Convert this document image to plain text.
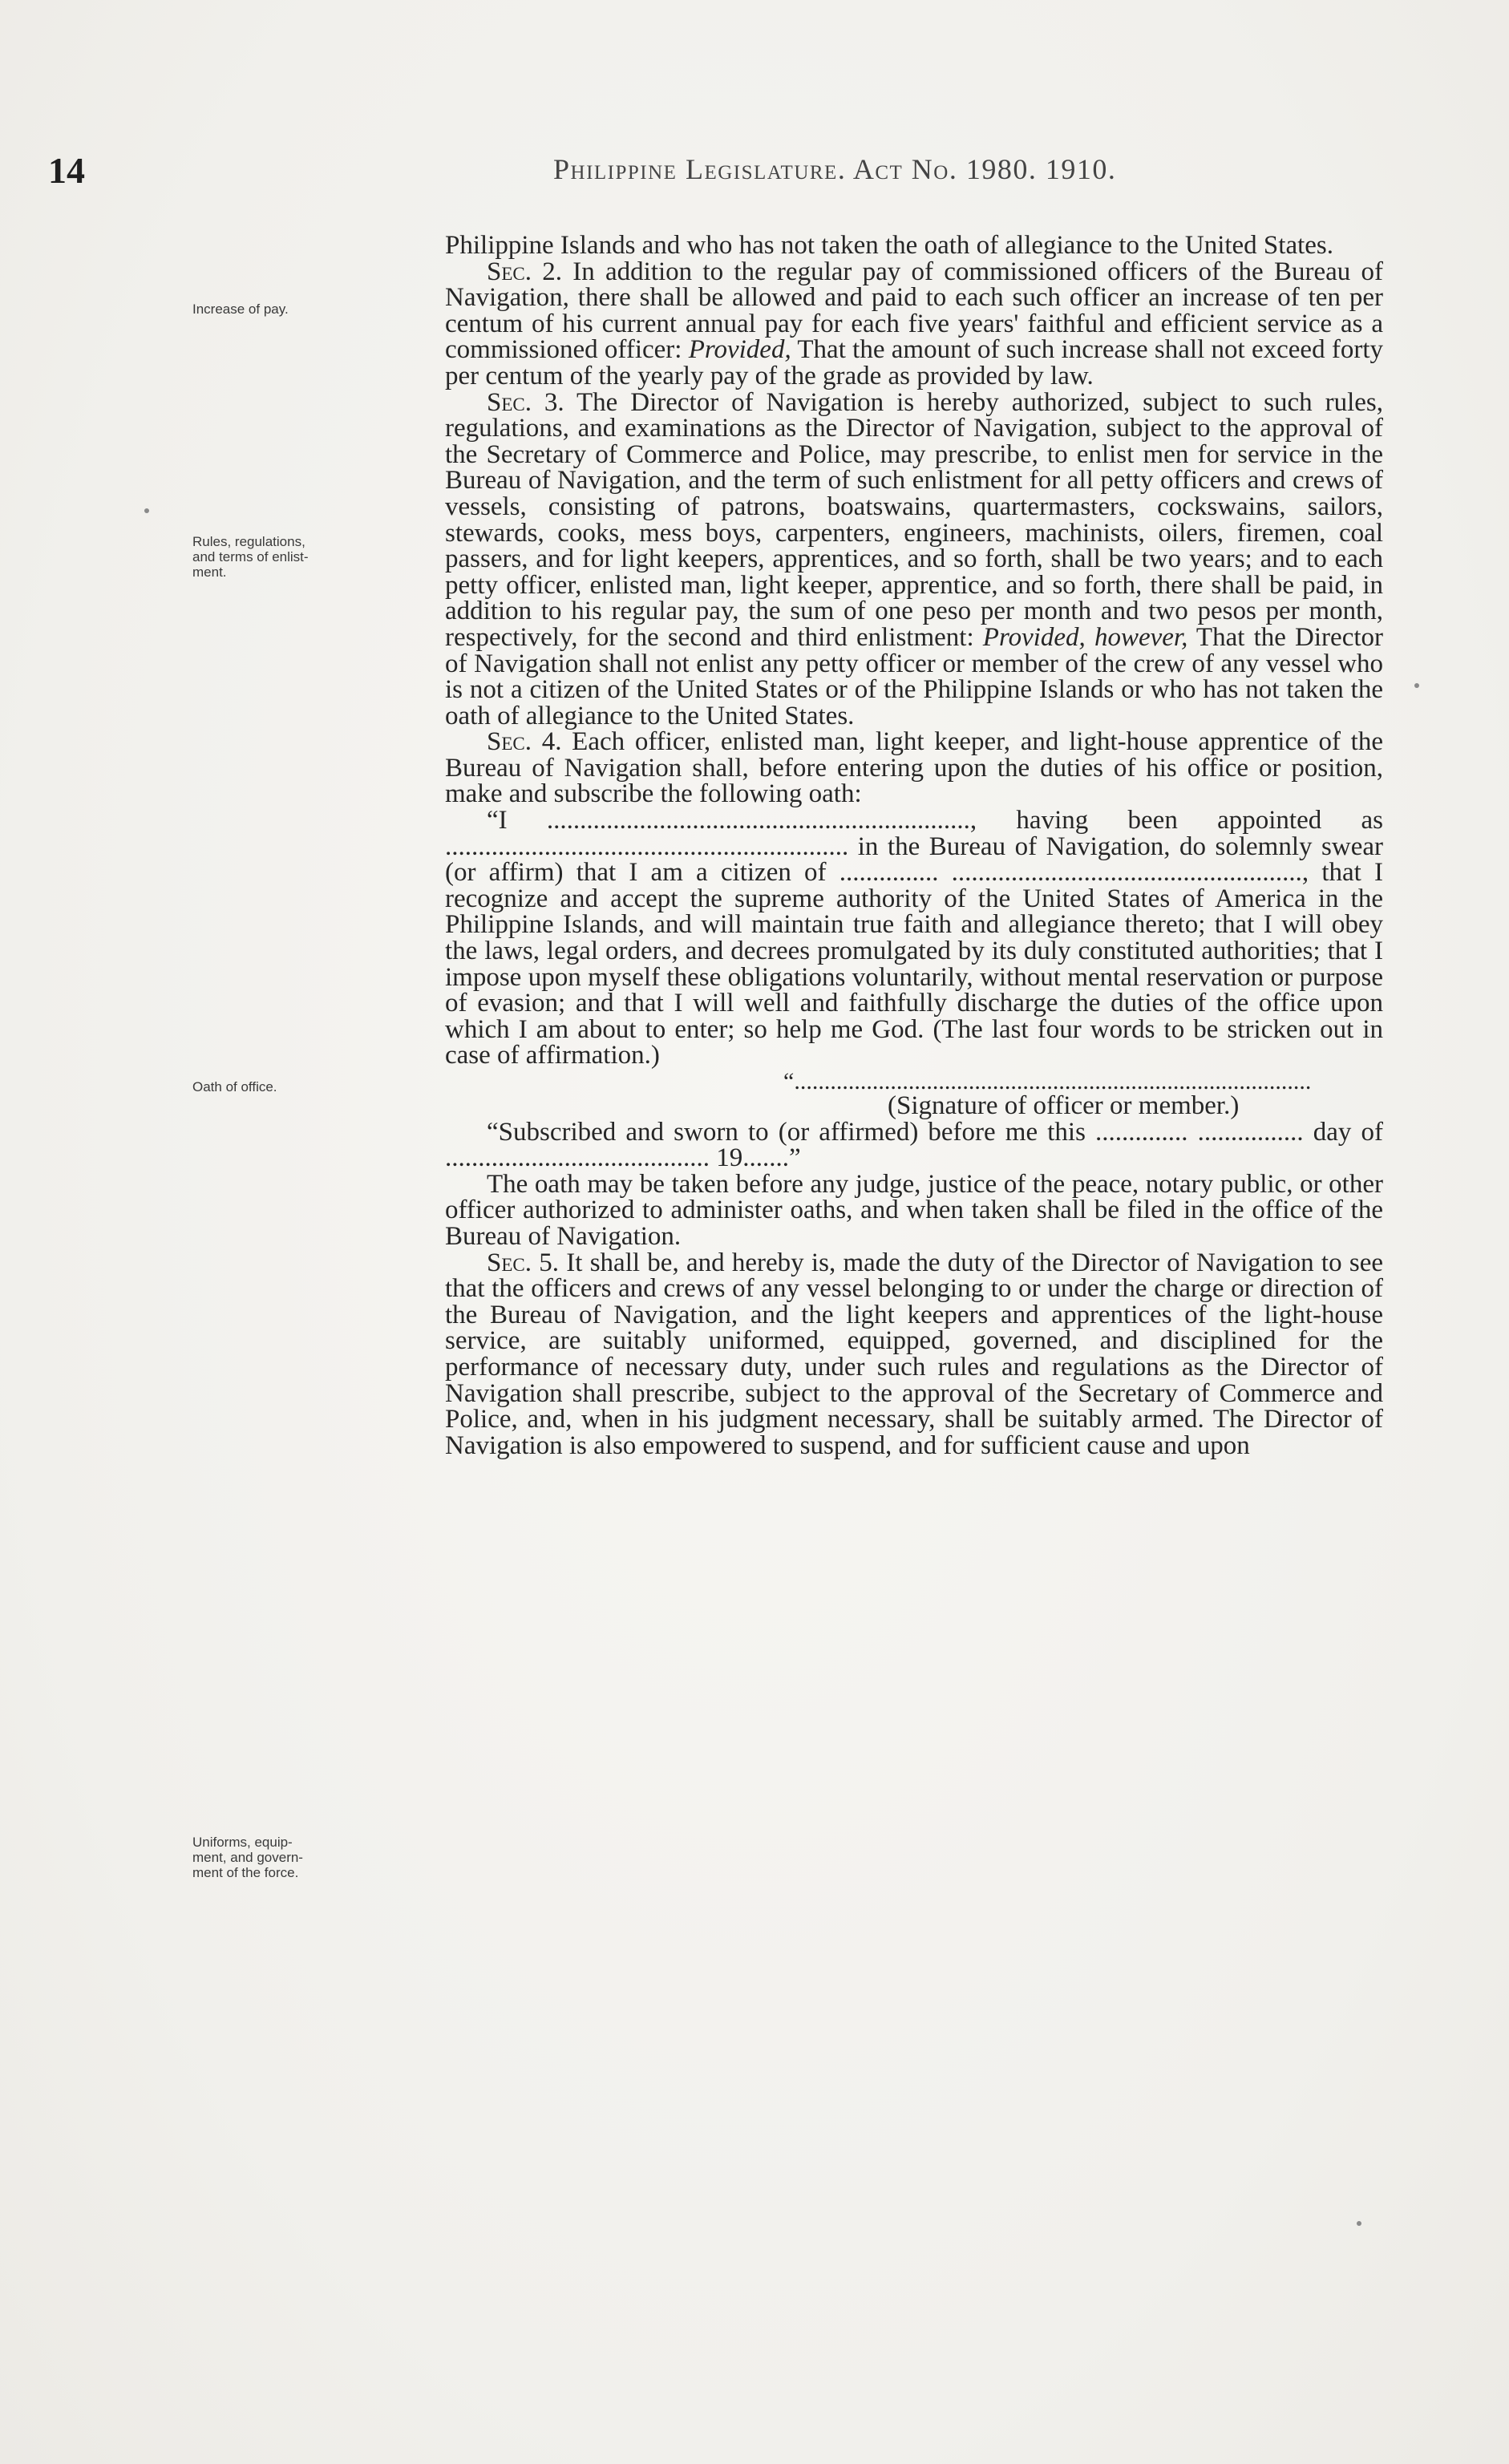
14	Philippine Legislature. Act No. 1980. 1910.
Increase of pay.
Rules, regulations,
and terms of enlist-
ment.
Oath of office.
Uniforms, equip-
ment, and govern-
ment of the force.

Philippine Islands and who has not taken the oath of allegiance to the United States.

Sec. 2. In addition to the regular pay of commissioned officers of the Bureau of Navigation, there shall be allowed and paid to each such officer an increase of ten per centum of his current annual pay for each five years' faithful and efficient service as a commissioned officer: Provided, That the amount of such increase shall not exceed forty per centum of the yearly pay of the grade as provided by law.

Sec. 3. The Director of Navigation is hereby authorized, subject to such rules, regulations, and examinations as the Director of Navigation, subject to the approval of the Secretary of Commerce and Police, may prescribe, to enlist men for service in the Bureau of Navigation, and the term of such enlistment for all petty officers and crews of vessels, consisting of patrons, boatswains, quartermasters, cockswains, sailors, stewards, cooks, mess boys, carpenters, engineers, machinists, oilers, firemen, coal passers, and for light keepers, apprentices, and so forth, shall be two years; and to each petty officer, enlisted man, light keeper, apprentice, and so forth, there shall be paid, in addition to his regular pay, the sum of one peso per month and two pesos per month, respectively, for the second and third enlistment: Provided, however, That the Director of Navigation shall not enlist any petty officer or member of the crew of any vessel who is not a citizen of the United States or of the Philippine Islands or who has not taken the oath of allegiance to the United States.

Sec. 4. Each officer, enlisted man, light keeper, and light-house apprentice of the Bureau of Navigation shall, before entering upon the duties of his office or position, make and subscribe the following oath:

“I ................................................................, having been appointed as ............................................................. in the Bureau of Navigation, do solemnly swear (or affirm) that I am a citizen of ............... ....................................................., that I recognize and accept the supreme authority of the United States of America in the Philippine Islands, and will maintain true faith and allegiance thereto; that I will obey the laws, legal orders, and decrees promulgated by its duly constituted authorities; that I impose upon myself these obligations voluntarily, without mental reservation or purpose of evasion; and that I will well and faithfully discharge the duties of the office upon which I am about to enter; so help me God. (The last four words to be stricken out in case of affirmation.)

“......................................................................................

(Signature of officer or member.)

“Subscribed and sworn to (or affirmed) before me this .............. ................ day of ........................................ 19.......”

The oath may be taken before any judge, justice of the peace, notary public, or other officer authorized to administer oaths, and when taken shall be filed in the office of the Bureau of Navigation.

Sec. 5. It shall be, and hereby is, made the duty of the Director of Navigation to see that the officers and crews of any vessel belonging to or under the charge or direction of the Bureau of Navigation, and the light keepers and apprentices of the light-house service, are suitably uniformed, equipped, governed, and disciplined for the performance of necessary duty, under such rules and regulations as the Director of Navigation shall prescribe, subject to the approval of the Secretary of Commerce and Police, and, when in his judgment necessary, shall be suitably armed. The Director of Navigation is also empowered to suspend, and for sufficient cause and upon
